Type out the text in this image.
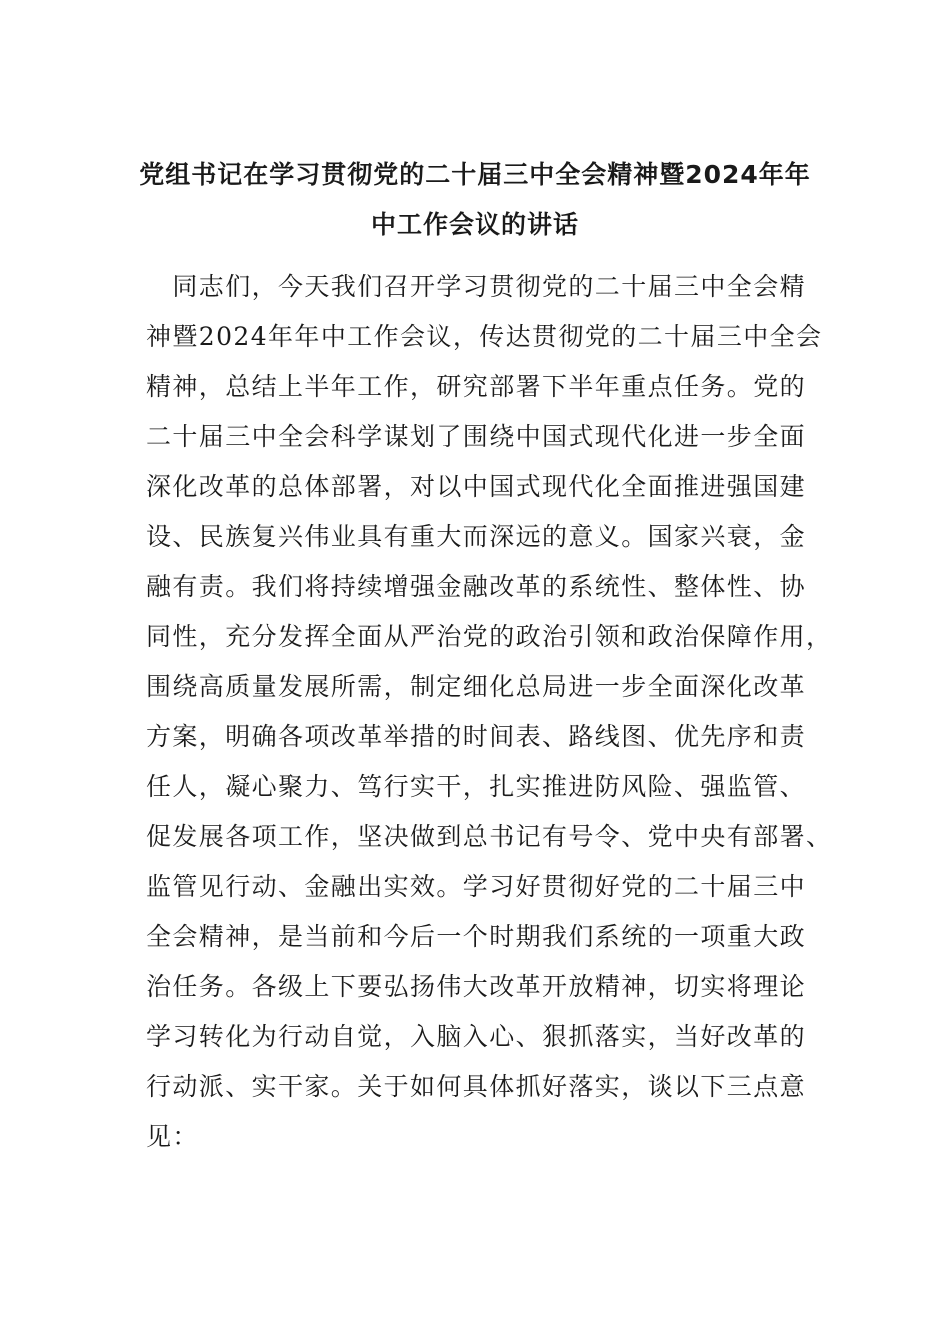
党组书记在学习贯彻党的二十届三中全会精神暨2024年年
中工作会议的讲话
　同志们，今天我们召开学习贯彻党的二十届三中全会精
神暨2024年年中工作会议，传达贯彻党的二十届三中全会
精神，总结上半年工作，研究部署下半年重点任务。党的
二十届三中全会科学谋划了围绕中国式现代化进一步全面
深化改革的总体部署，对以中国式现代化全面推进强国建
设、民族复兴伟业具有重大而深远的意义。国家兴衰，金
融有责。我们将持续增强金融改革的系统性、整体性、协
同性，充分发挥全面从严治党的政治引领和政治保障作用，
围绕高质量发展所需，制定细化总局进一步全面深化改革
方案，明确各项改革举措的时间表、路线图、优先序和责
任人，凝心聚力、笃行实干，扎实推进防风险、强监管、
促发展各项工作，坚决做到总书记有号令、党中央有部署、
监管见行动、金融出实效。学习好贯彻好党的二十届三中
全会精神，是当前和今后一个时期我们系统的一项重大政
治任务。各级上下要弘扬伟大改革开放精神，切实将理论
学习转化为行动自觉，入脑入心、狠抓落实，当好改革的
行动派、实干家。关于如何具体抓好落实，谈以下三点意
见：
